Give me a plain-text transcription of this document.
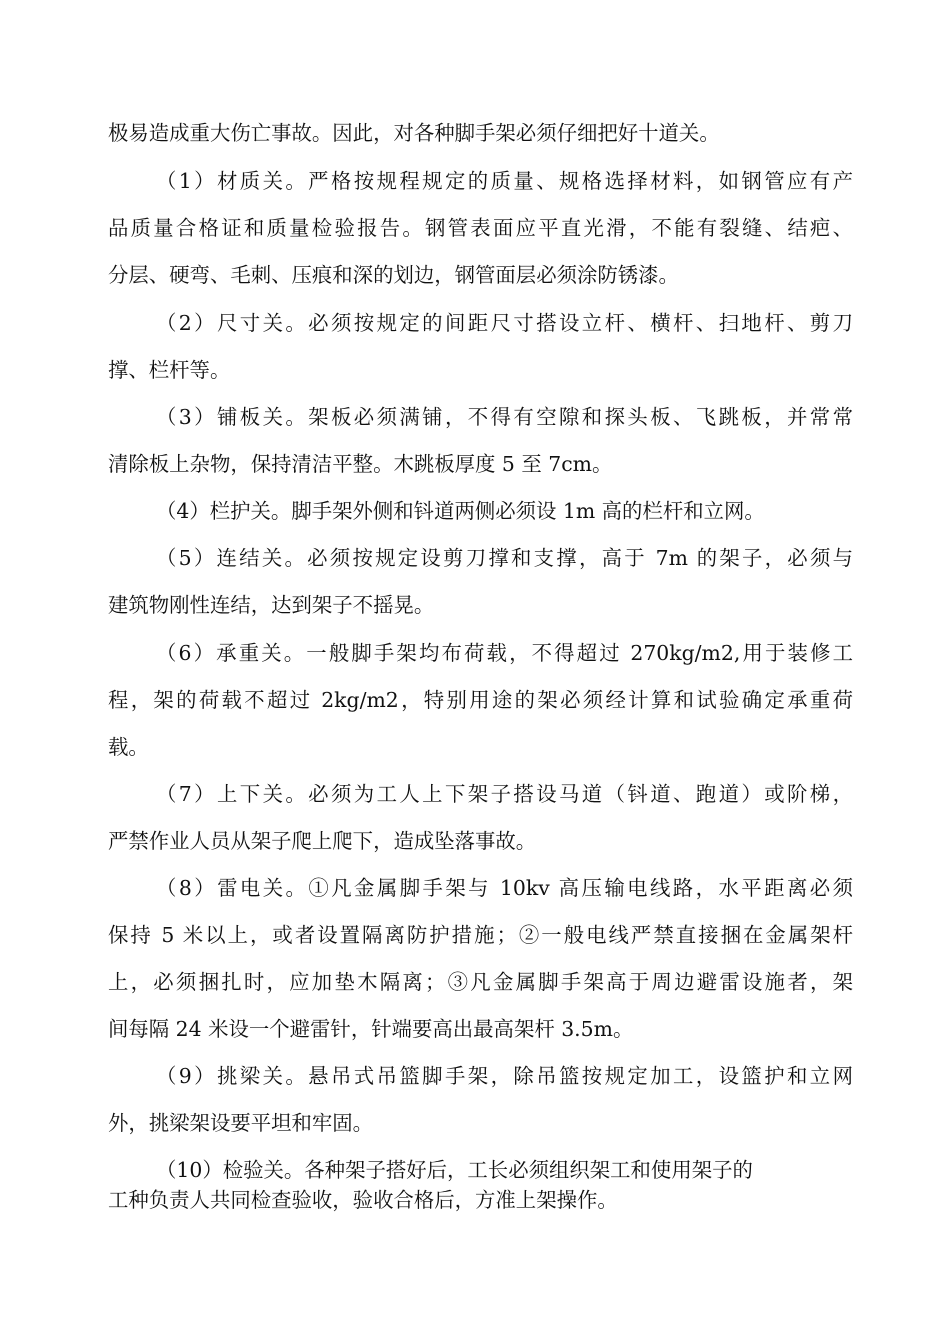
极易造成重大伤亡事故。因此，对各种脚手架必须仔细把好十道关。
（1）材质关。严格按规程规定的质量、规格选择材料，如钢管应有产
品质量合格证和质量检验报告。钢管表面应平直光滑，不能有裂缝、结疤、
分层、硬弯、毛刺、压痕和深的划边，钢管面层必须涂防锈漆。
（2）尺寸关。必须按规定的间距尺寸搭设立杆、横杆、扫地杆、剪刀
撑、栏杆等。
（3）铺板关。架板必须满铺，不得有空隙和探头板、飞跳板，并常常
清除板上杂物，保持清洁平整。木跳板厚度 5 至 7cm。
（4）栏护关。脚手架外侧和钭道两侧必须设 1m 高的栏杆和立网。
（5）连结关。必须按规定设剪刀撑和支撑，高于 7m 的架子，必须与
建筑物刚性连结，达到架子不摇晃。
（6）承重关。一般脚手架均布荷载，不得超过 270kg/m2,用于装修工
程，架的荷载不超过 2kg/m2，特别用途的架必须经计算和试验确定承重荷
载。
（7）上下关。必须为工人上下架子搭设马道（钭道、跑道）或阶梯，
严禁作业人员从架子爬上爬下，造成坠落事故。
（8）雷电关。①凡金属脚手架与 10kv 高压输电线路，水平距离必须
保持 5 米以上，或者设置隔离防护措施；②一般电线严禁直接捆在金属架杆
上，必须捆扎时，应加垫木隔离；③凡金属脚手架高于周边避雷设施者，架
间每隔 24 米设一个避雷针，针端要高出最高架杆 3.5m。
（9）挑梁关。悬吊式吊篮脚手架，除吊篮按规定加工，设篮护和立网
外，挑梁架设要平坦和牢固。
（10）检验关。各种架子搭好后，工长必须组织架工和使用架子的
工种负责人共同检查验收，验收合格后，方准上架操作。
